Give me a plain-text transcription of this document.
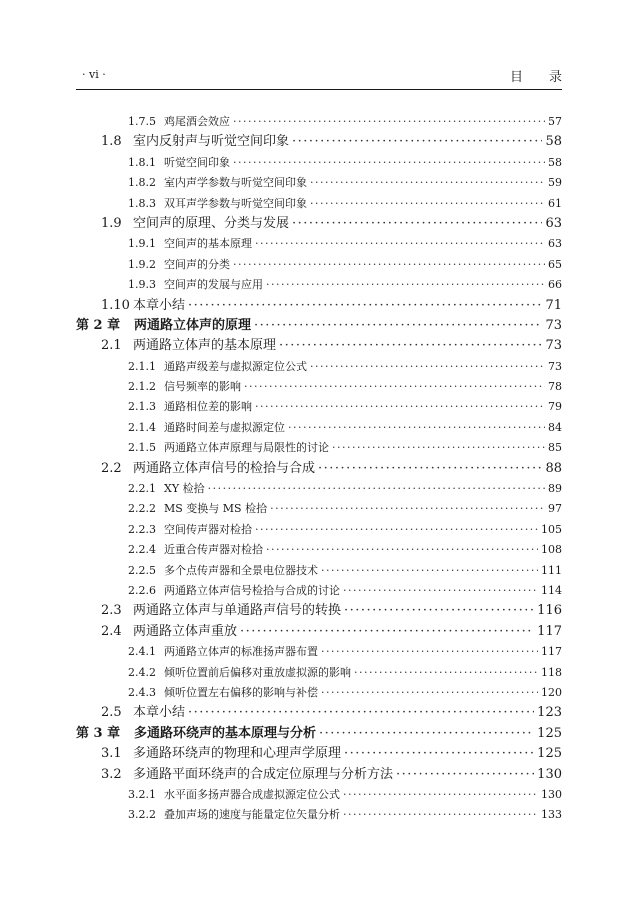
· vi ·	目录
1.7.5 鸡尾酒会效应 ·····	57
1.8 室内反射声与听觉空间印象 ·····	58
1.8.1 听觉空间印象 ·····	58
1.8.2 室内声学参数与听觉空间印象 ·····	59
1.8.3 双耳声学参数与听觉空间印象 ·····	61
1.9 空间声的原理、分类与发展 ·····	63
1.9.1 空间声的基本原理 ·····	63
1.9.2 空间声的分类 ·····	65
1.9.3 空间声的发展与应用 ·····	66
1.10 本章小结 ·····	71
第 2 章	两通路立体声的原理 ·····	73
2.1 两通路立体声的基本原理 ·····	73
2.1.1 通路声级差与虚拟源定位公式 ·····	73
2.1.2 信号频率的影响 ·····	78
2.1.3 通路相位差的影响 ·····	79
2.1.4 通路时间差与虚拟源定位 ·····	84
2.1.5 两通路立体声原理与局限性的讨论 ·····	85
2.2 两通路立体声信号的检拾与合成 ·····	88
2.2.1 XY 检拾 ·····	89
2.2.2 MS 变换与 MS 检拾 ·····	97
2.2.3 空间传声器对检拾 ·····	105
2.2.4 近重合传声器对检拾 ·····	108
2.2.5 多个点传声器和全景电位器技术 ·····	111
2.2.6 两通路立体声信号检拾与合成的讨论 ·····	114
2.3 两通路立体声与单通路声信号的转换 ·····	116
2.4 两通路立体声重放 ·····	117
2.4.1 两通路立体声的标准扬声器布置 ·····	117
2.4.2 倾听位置前后偏移对重放虚拟源的影响 ·····	118
2.4.3 倾听位置左右偏移的影响与补偿 ·····	120
2.5 本章小结 ·····	123
第 3 章	多通路环绕声的基本原理与分析 ·····	125
3.1 多通路环绕声的物理和心理声学原理 ·····	125
3.2 多通路平面环绕声的合成定位原理与分析方法 ·····	130
3.2.1 水平面多扬声器合成虚拟源定位公式 ·····	130
3.2.2 叠加声场的速度与能量定位矢量分析 ·····	133
